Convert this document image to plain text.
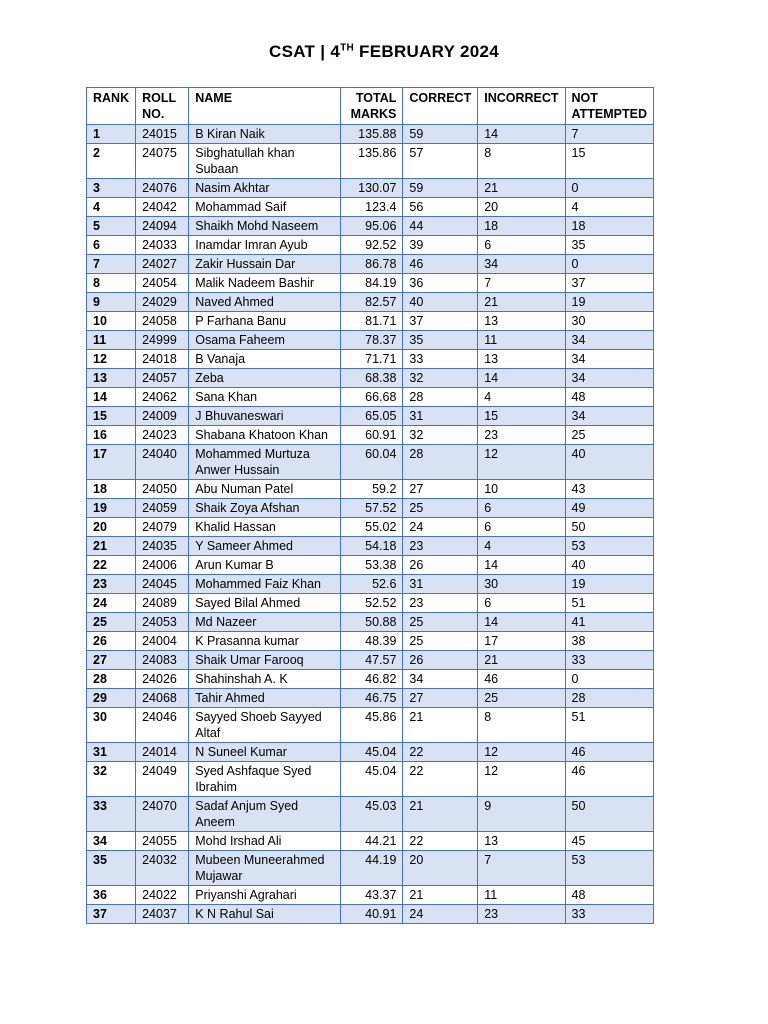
CSAT | 4TH FEBRUARY 2024
RANK	ROLL NO.	NAME	TOTAL MARKS	CORRECT	INCORRECT	NOT ATTEMPTED
1	24015	B Kiran Naik	135.88	59	14	7
2	24075	Sibghatullah khan Subaan	135.86	57	8	15
3	24076	Nasim Akhtar	130.07	59	21	0
4	24042	Mohammad Saif	123.4	56	20	4
5	24094	Shaikh Mohd Naseem	95.06	44	18	18
6	24033	Inamdar Imran Ayub	92.52	39	6	35
7	24027	Zakir Hussain Dar	86.78	46	34	0
8	24054	Malik Nadeem Bashir	84.19	36	7	37
9	24029	Naved Ahmed	82.57	40	21	19
10	24058	P Farhana Banu	81.71	37	13	30
11	24999	Osama Faheem	78.37	35	11	34
12	24018	B Vanaja	71.71	33	13	34
13	24057	Zeba	68.38	32	14	34
14	24062	Sana Khan	66.68	28	4	48
15	24009	J Bhuvaneswari	65.05	31	15	34
16	24023	Shabana Khatoon Khan	60.91	32	23	25
17	24040	Mohammed Murtuza Anwer Hussain	60.04	28	12	40
18	24050	Abu Numan Patel	59.2	27	10	43
19	24059	Shaik Zoya Afshan	57.52	25	6	49
20	24079	Khalid Hassan	55.02	24	6	50
21	24035	Y Sameer Ahmed	54.18	23	4	53
22	24006	Arun Kumar B	53.38	26	14	40
23	24045	Mohammed Faiz Khan	52.6	31	30	19
24	24089	Sayed Bilal Ahmed	52.52	23	6	51
25	24053	Md Nazeer	50.88	25	14	41
26	24004	K Prasanna kumar	48.39	25	17	38
27	24083	Shaik Umar Farooq	47.57	26	21	33
28	24026	Shahinshah A. K	46.82	34	46	0
29	24068	Tahir Ahmed	46.75	27	25	28
30	24046	Sayyed Shoeb Sayyed Altaf	45.86	21	8	51
31	24014	N Suneel Kumar	45.04	22	12	46
32	24049	Syed Ashfaque Syed Ibrahim	45.04	22	12	46
33	24070	Sadaf Anjum Syed Aneem	45.03	21	9	50
34	24055	Mohd Irshad Ali	44.21	22	13	45
35	24032	Mubeen Muneerahmed Mujawar	44.19	20	7	53
36	24022	Priyanshi Agrahari	43.37	21	11	48
37	24037	K N Rahul Sai	40.91	24	23	33
